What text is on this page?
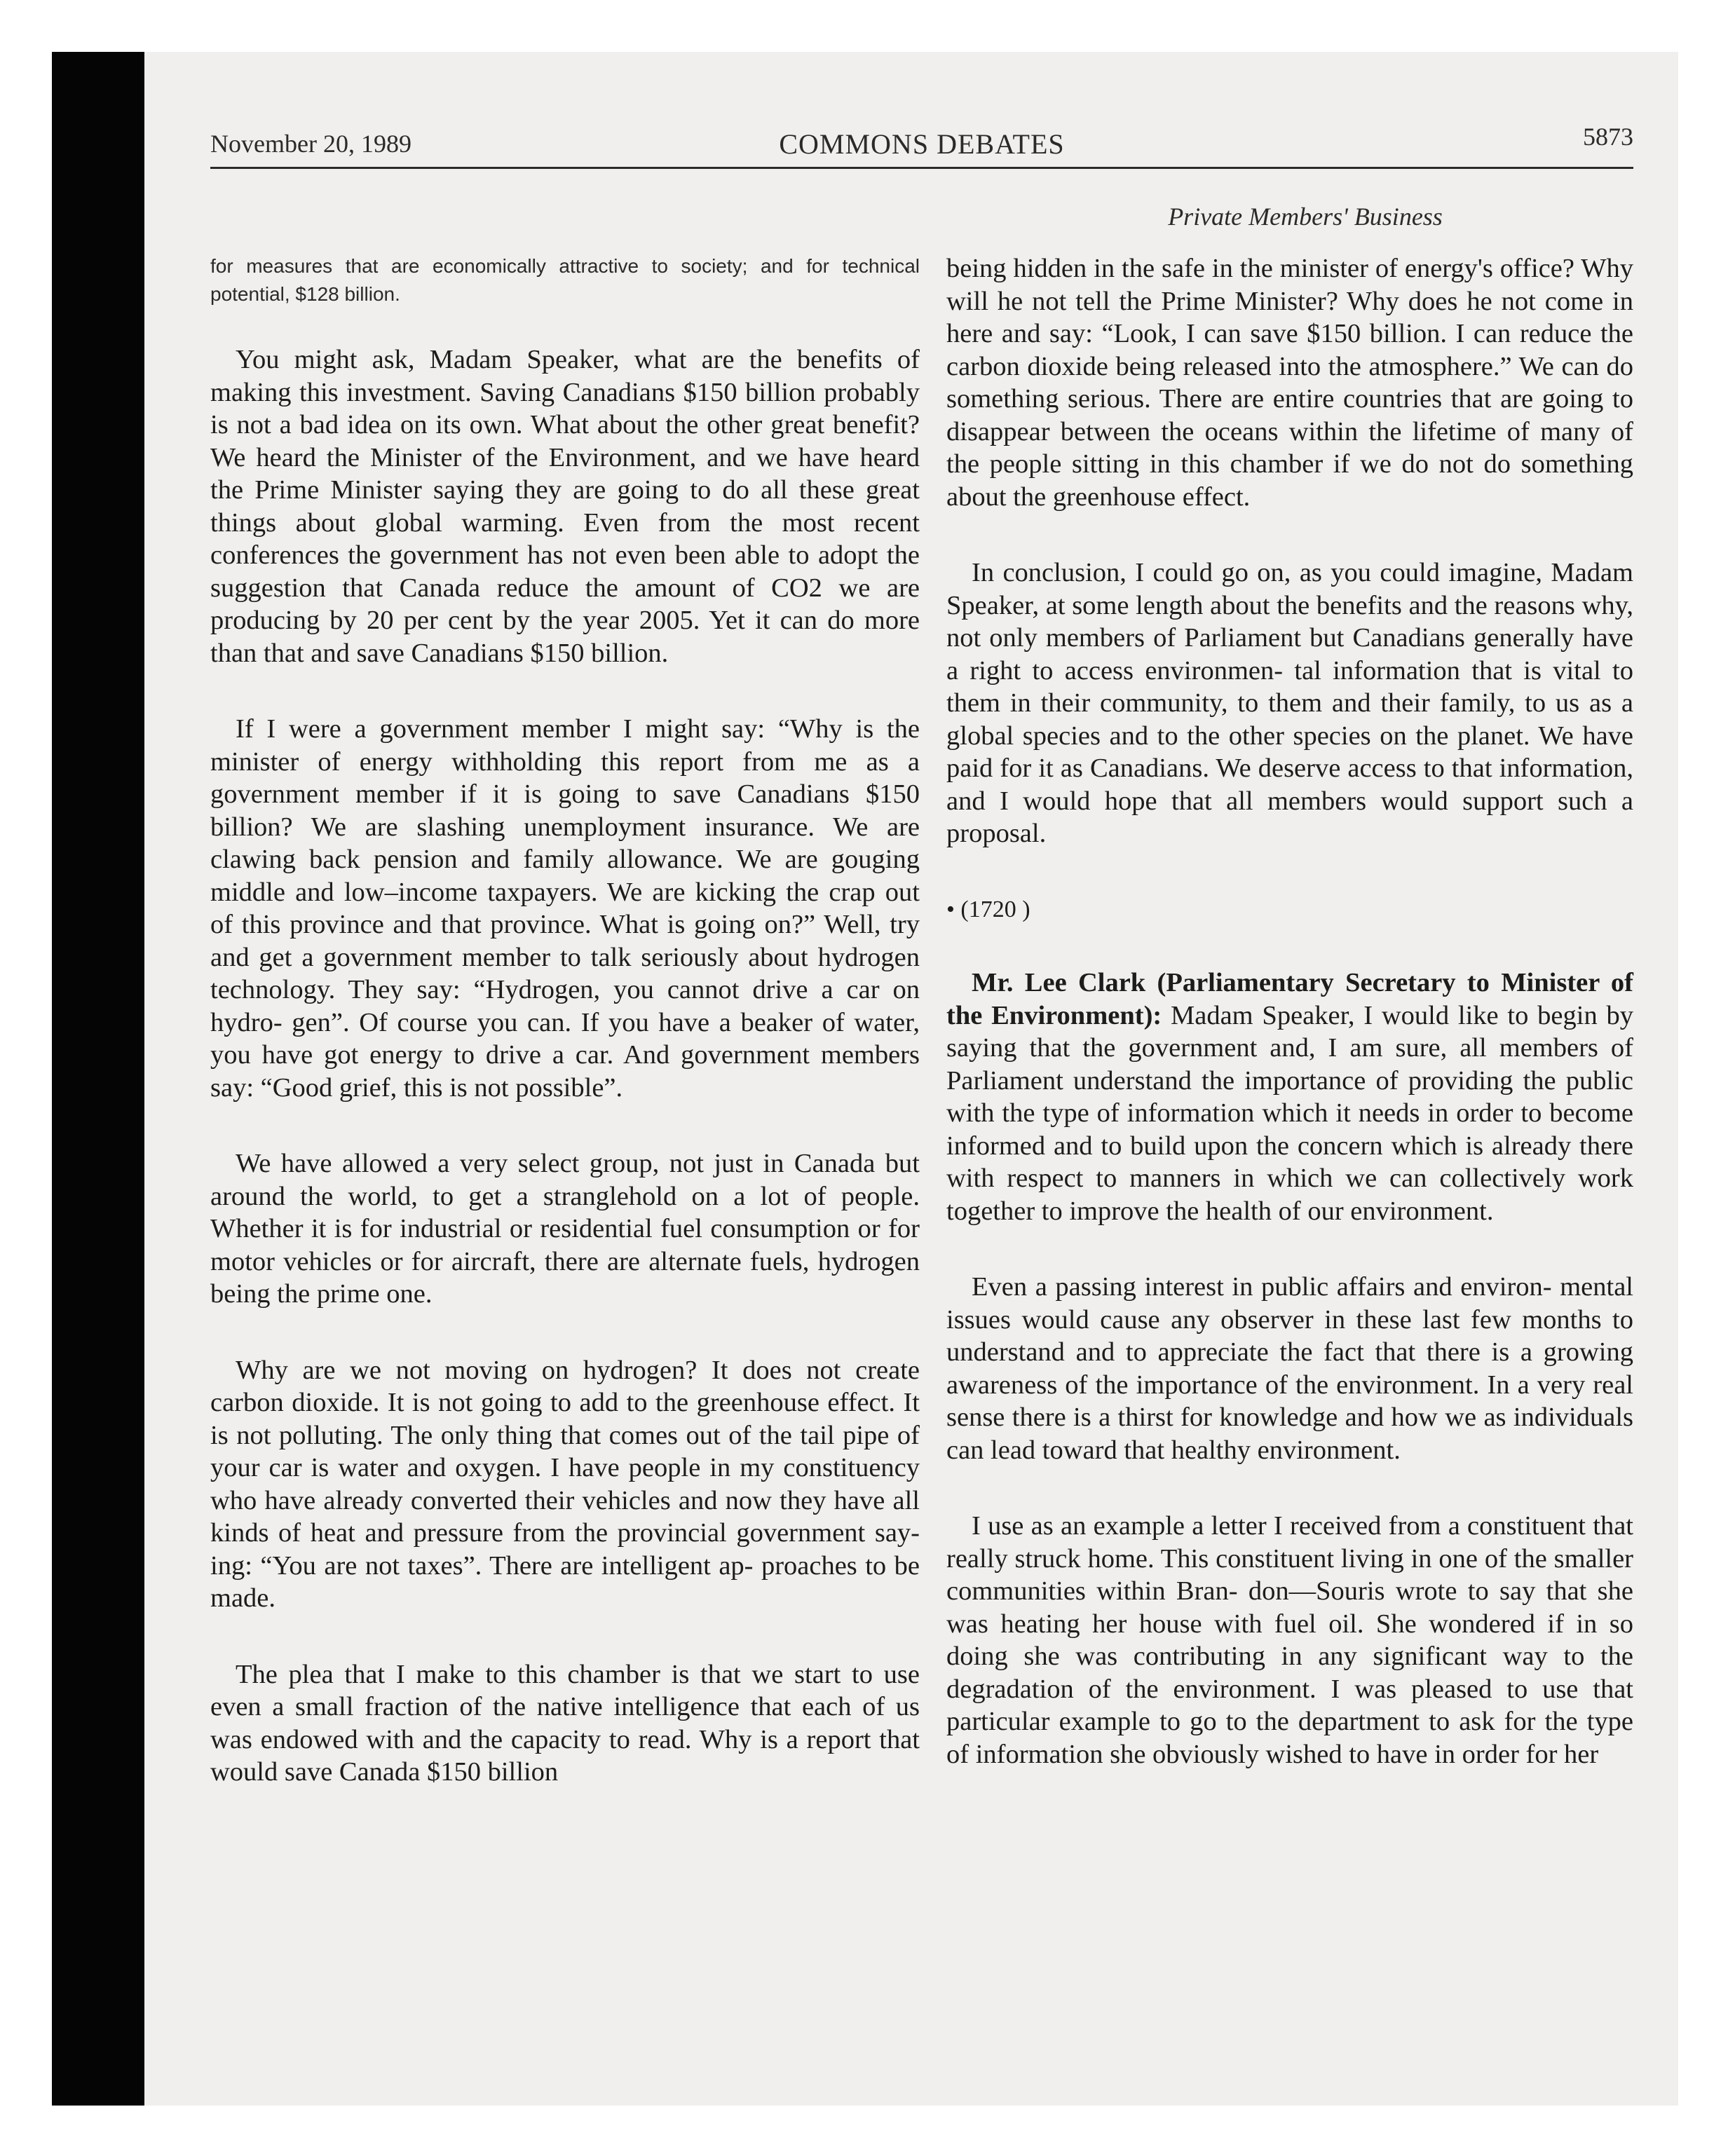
November 20, 1989	COMMONS DEBATES	5873
Private Members' Business

for measures that are economically attractive to society; and for technical potential, $128 billion.

You might ask, Madam Speaker, what are the benefits of making this investment. Saving Canadians $150 billion probably is not a bad idea on its own. What about the other great benefit? We heard the Minister of the Environment, and we have heard the Prime Minister saying they are going to do all these great things about global warming. Even from the most recent conferences the government has not even been able to adopt the suggestion that Canada reduce the amount of CO2 we are producing by 20 per cent by the year 2005. Yet it can do more than that and save Canadians $150 billion.

If I were a government member I might say: “Why is the minister of energy withholding this report from me as a government member if it is going to save Canadians $150 billion? We are slashing unemployment insurance. We are clawing back pension and family allowance. We are gouging middle and low–income taxpayers. We are kicking the crap out of this province and that province. What is going on?” Well, try and get a government member to talk seriously about hydrogen technology. They say: “Hydrogen, you cannot drive a car on hydro- gen”. Of course you can. If you have a beaker of water, you have got energy to drive a car. And government members say: “Good grief, this is not possible”.

We have allowed a very select group, not just in Canada but around the world, to get a stranglehold on a lot of people. Whether it is for industrial or residential fuel consumption or for motor vehicles or for aircraft, there are alternate fuels, hydrogen being the prime one.

Why are we not moving on hydrogen? It does not create carbon dioxide. It is not going to add to the greenhouse effect. It is not polluting. The only thing that comes out of the tail pipe of your car is water and oxygen. I have people in my constituency who have already converted their vehicles and now they have all kinds of heat and pressure from the provincial government say- ing: “You are not taxes”. There are intelligent ap- proaches to be made.

The plea that I make to this chamber is that we start to use even a small fraction of the native intelligence that each of us was endowed with and the capacity to read. Why is a report that would save Canada $150 billion

being hidden in the safe in the minister of energy's office? Why will he not tell the Prime Minister? Why does he not come in here and say: “Look, I can save $150 billion. I can reduce the carbon dioxide being released into the atmosphere.” We can do something serious. There are entire countries that are going to disappear between the oceans within the lifetime of many of the people sitting in this chamber if we do not do something about the greenhouse effect.

In conclusion, I could go on, as you could imagine, Madam Speaker, at some length about the benefits and the reasons why, not only members of Parliament but Canadians generally have a right to access environmen- tal information that is vital to them in their community, to them and their family, to us as a global species and to the other species on the planet. We have paid for it as Canadians. We deserve access to that information, and I would hope that all members would support such a proposal.

• (1720 )

Mr. Lee Clark (Parliamentary Secretary to Minister of the Environment): Madam Speaker, I would like to begin by saying that the government and, I am sure, all members of Parliament understand the importance of providing the public with the type of information which it needs in order to become informed and to build upon the concern which is already there with respect to manners in which we can collectively work together to improve the health of our environment.

Even a passing interest in public affairs and environ- mental issues would cause any observer in these last few months to understand and to appreciate the fact that there is a growing awareness of the importance of the environment. In a very real sense there is a thirst for knowledge and how we as individuals can lead toward that healthy environment.

I use as an example a letter I received from a constituent that really struck home. This constituent living in one of the smaller communities within Bran- don—Souris wrote to say that she was heating her house with fuel oil. She wondered if in so doing she was contributing in any significant way to the degradation of the environment. I was pleased to use that particular example to go to the department to ask for the type of information she obviously wished to have in order for her
